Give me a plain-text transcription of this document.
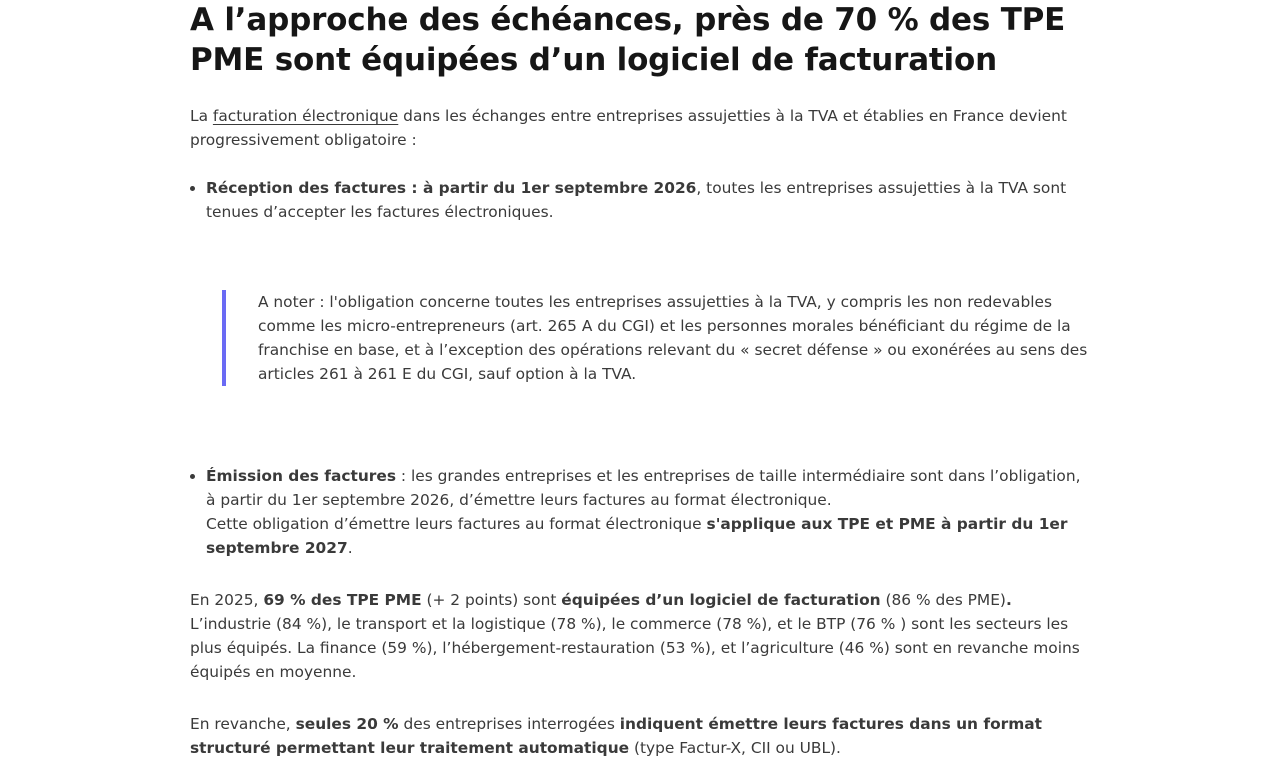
A l’approche des échéances, près de 70 % des TPE PME sont équipées d’un logiciel de facturation

La facturation électronique dans les échanges entre entreprises assujetties à la TVA et établies en France devient progressivement obligatoire :

• Réception des factures : à partir du 1er septembre 2026, toutes les entreprises assujetties à la TVA sont tenues d’accepter les factures électroniques.

A noter : l'obligation concerne toutes les entreprises assujetties à la TVA, y compris les non redevables comme les micro-entrepreneurs (art. 265 A du CGI) et les personnes morales bénéficiant du régime de la franchise en base, et à l’exception des opérations relevant du « secret défense » ou exonérées au sens des articles 261 à 261 E du CGI, sauf option à la TVA.

• Émission des factures : les grandes entreprises et les entreprises de taille intermédiaire sont dans l’obligation, à partir du 1er septembre 2026, d’émettre leurs factures au format électronique.
Cette obligation d’émettre leurs factures au format électronique s'applique aux TPE et PME à partir du 1er septembre 2027.

En 2025, 69 % des TPE PME (+ 2 points) sont équipées d’un logiciel de facturation (86 % des PME). L’industrie (84 %), le transport et la logistique (78 %), le commerce (78 %), et le BTP (76 % ) sont les secteurs les plus équipés. La finance (59 %), l’hébergement-restauration (53 %), et l’agriculture (46 %) sont en revanche moins équipés en moyenne.

En revanche, seules 20 % des entreprises interrogées indiquent émettre leurs factures dans un format structuré permettant leur traitement automatique (type Factur-X, CII ou UBL).
